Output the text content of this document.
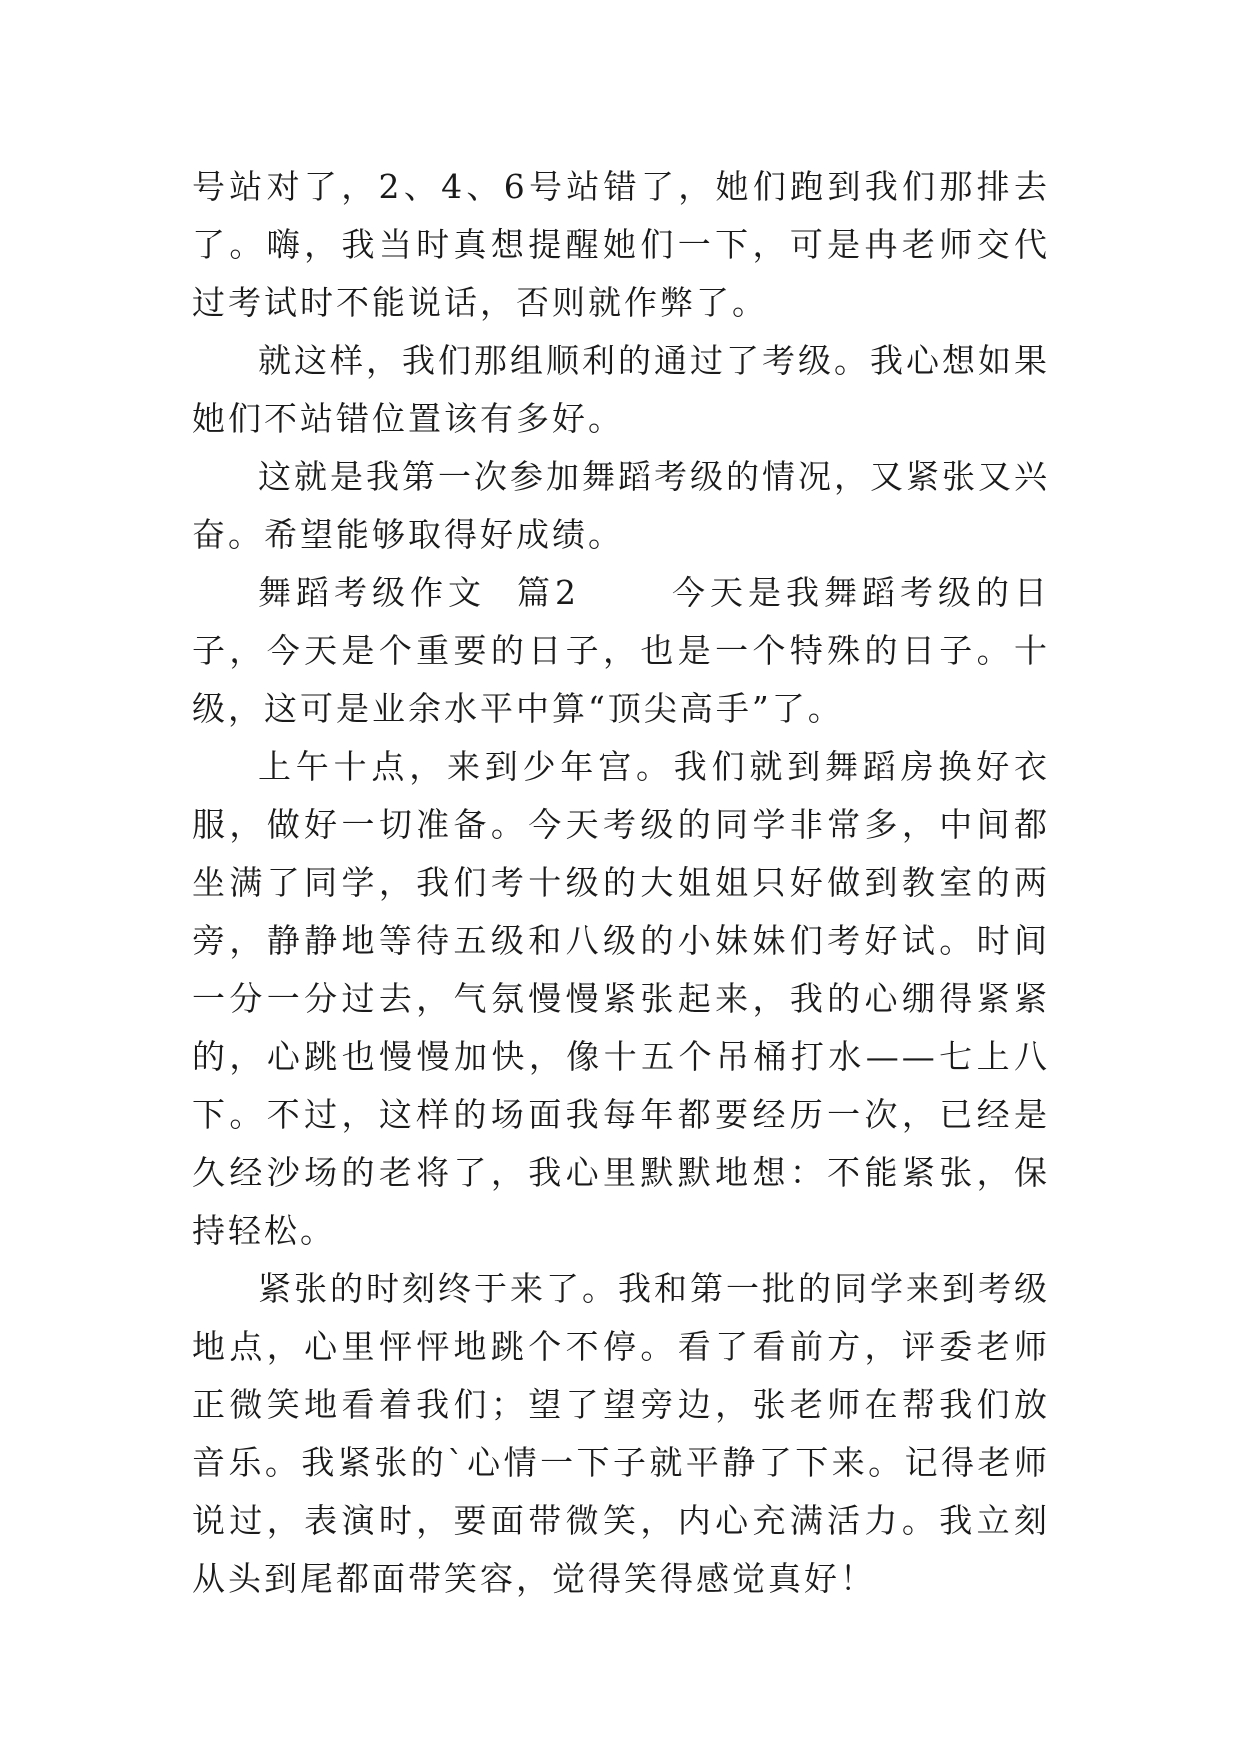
号站对了，2、4、6号站错了，她们跑到我们那排去了。嗨，我当时真想提醒她们一下，可是冉老师交代过考试时不能说话，否则就作弊了。

就这样，我们那组顺利的通过了考级。我心想如果她们不站错位置该有多好。

这就是我第一次参加舞蹈考级的情况，又紧张又兴奋。希望能够取得好成绩。

舞蹈考级作文  篇2	今天是我舞蹈考级的日子，今天是个重要的日子，也是一个特殊的日子。十级，这可是业余水平中算“顶尖高手”了。

上午十点，来到少年宫。我们就到舞蹈房换好衣服，做好一切准备。今天考级的同学非常多，中间都坐满了同学，我们考十级的大姐姐只好做到教室的两旁，静静地等待五级和八级的小妹妹们考好试。时间一分一分过去，气氛慢慢紧张起来，我的心绷得紧紧的，心跳也慢慢加快，像十五个吊桶打水——七上八下。不过，这样的场面我每年都要经历一次，已经是久经沙场的老将了，我心里默默地想：不能紧张，保持轻松。

紧张的时刻终于来了。我和第一批的同学来到考级地点，心里怦怦地跳个不停。看了看前方，评委老师正微笑地看着我们；望了望旁边，张老师在帮我们放音乐。我紧张的`心情一下子就平静了下来。记得老师说过，表演时，要面带微笑，内心充满活力。我立刻从头到尾都面带笑容，觉得笑得感觉真好！
